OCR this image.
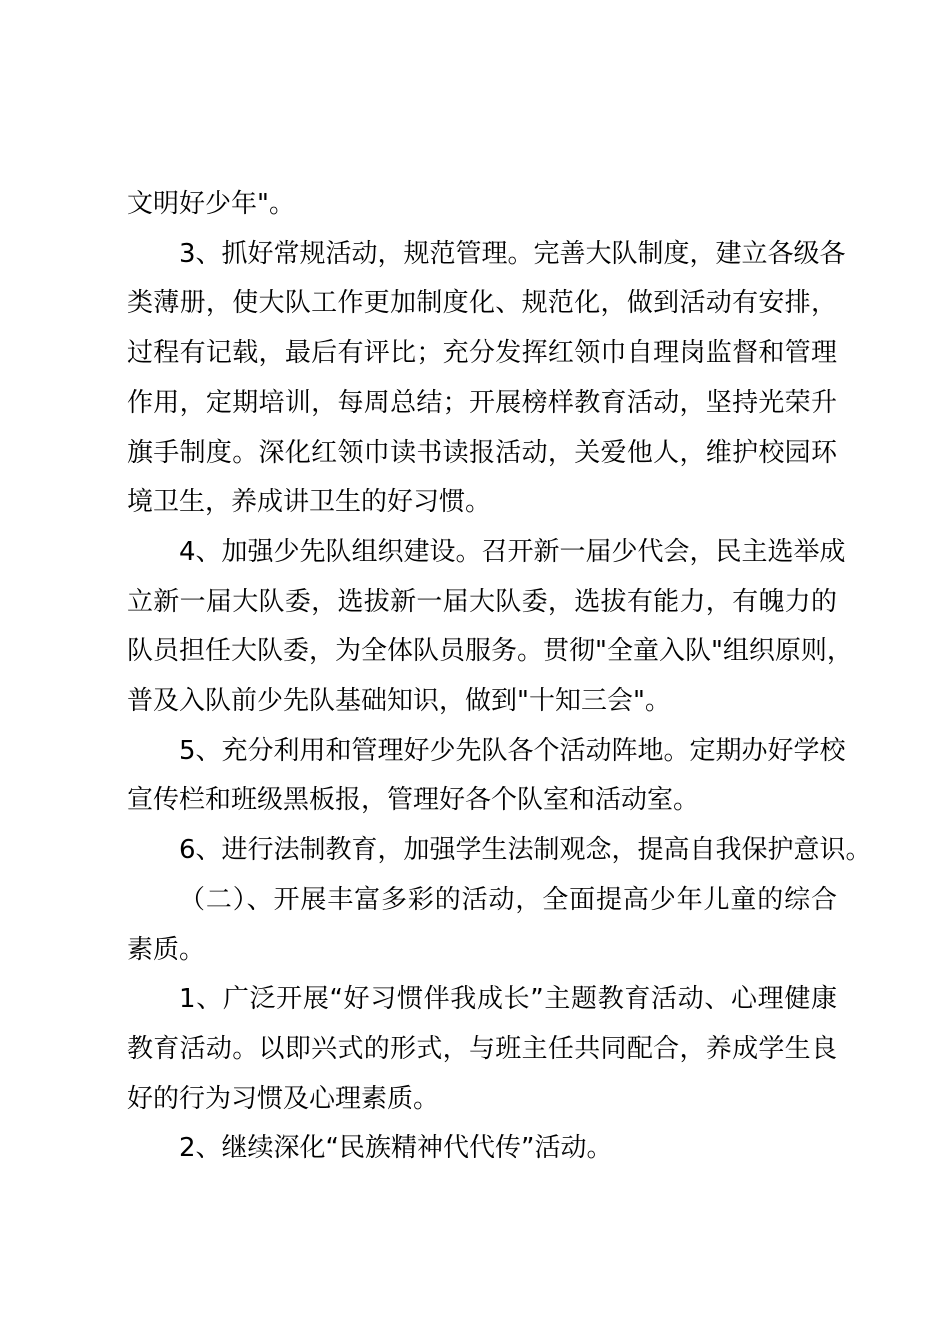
文明好少年"。
3、抓好常规活动，规范管理。完善大队制度，建立各级各
类薄册，使大队工作更加制度化、规范化，做到活动有安排，
过程有记载，最后有评比；充分发挥红领巾自理岗监督和管理
作用，定期培训，每周总结；开展榜样教育活动，坚持光荣升
旗手制度。深化红领巾读书读报活动，关爱他人，维护校园环
境卫生，养成讲卫生的好习惯。
4、加强少先队组织建设。召开新一届少代会，民主选举成
立新一届大队委，选拔新一届大队委，选拔有能力，有魄力的
队员担任大队委，为全体队员服务。贯彻"全童入队"组织原则，
普及入队前少先队基础知识，做到"十知三会"。
5、充分利用和管理好少先队各个活动阵地。定期办好学校
宣传栏和班级黑板报，管理好各个队室和活动室。
6、进行法制教育，加强学生法制观念，提高自我保护意识。
（二）、开展丰富多彩的活动，全面提高少年儿童的综合
素质。
1、广泛开展“好习惯伴我成长”主题教育活动、心理健康
教育活动。以即兴式的形式，与班主任共同配合，养成学生良
好的行为习惯及心理素质。
2、继续深化“民族精神代代传”活动。
